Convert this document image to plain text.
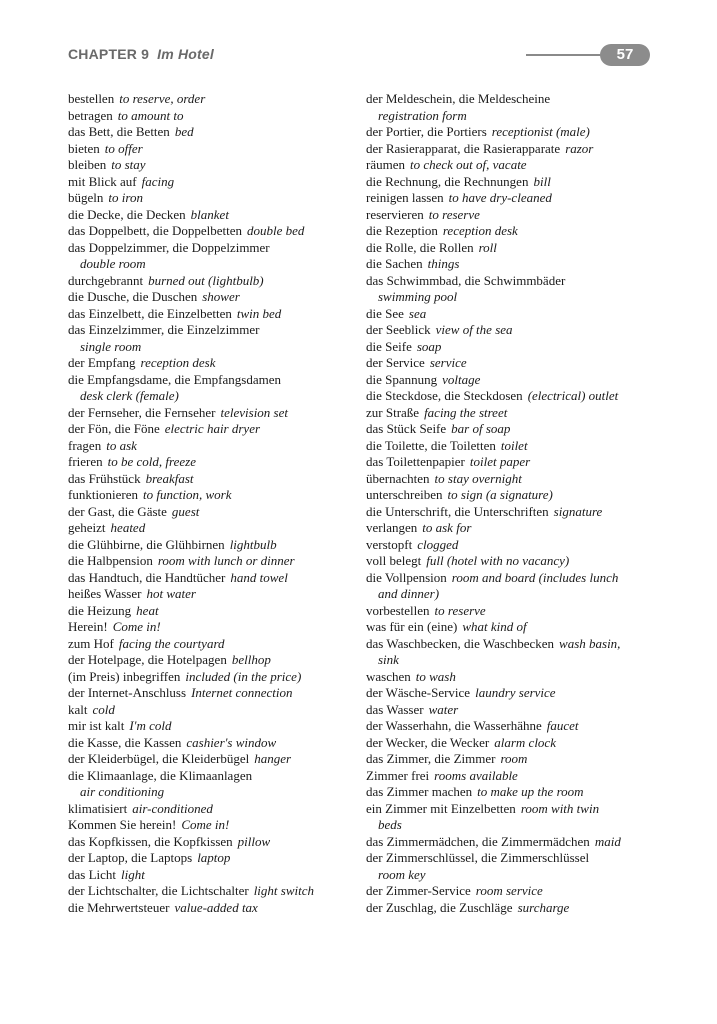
CHAPTER 9 Im Hotel	57
bestellen to reserve, order
betragen to amount to
das Bett, die Betten bed
bieten to offer
bleiben to stay
mit Blick auf facing
bügeln to iron
die Decke, die Decken blanket
das Doppelbett, die Doppelbetten double bed
das Doppelzimmer, die Doppelzimmer
double room
durchgebrannt burned out (lightbulb)
die Dusche, die Duschen shower
das Einzelbett, die Einzelbetten twin bed
das Einzelzimmer, die Einzelzimmer
single room
der Empfang reception desk
die Empfangsdame, die Empfangsdamen
desk clerk (female)
der Fernseher, die Fernseher television set
der Fön, die Föne electric hair dryer
fragen to ask
frieren to be cold, freeze
das Frühstück breakfast
funktionieren to function, work
der Gast, die Gäste guest
geheizt heated
die Glühbirne, die Glühbirnen lightbulb
die Halbpension room with lunch or dinner
das Handtuch, die Handtücher hand towel
heißes Wasser hot water
die Heizung heat
Herein! Come in!
zum Hof facing the courtyard
der Hotelpage, die Hotelpagen bellhop
(im Preis) inbegriffen included (in the price)
der Internet-Anschluss Internet connection
kalt cold
mir ist kalt I'm cold
die Kasse, die Kassen cashier's window
der Kleiderbügel, die Kleiderbügel hanger
die Klimaanlage, die Klimaanlagen
air conditioning
klimatisiert air-conditioned
Kommen Sie herein! Come in!
das Kopfkissen, die Kopfkissen pillow
der Laptop, die Laptops laptop
das Licht light
der Lichtschalter, die Lichtschalter light switch
die Mehrwertsteuer value-added tax
der Meldeschein, die Meldescheine
registration form
der Portier, die Portiers receptionist (male)
der Rasierapparat, die Rasierapparate razor
räumen to check out of, vacate
die Rechnung, die Rechnungen bill
reinigen lassen to have dry-cleaned
reservieren to reserve
die Rezeption reception desk
die Rolle, die Rollen roll
die Sachen things
das Schwimmbad, die Schwimmbäder
swimming pool
die See sea
der Seeblick view of the sea
die Seife soap
der Service service
die Spannung voltage
die Steckdose, die Steckdosen (electrical) outlet
zur Straße facing the street
das Stück Seife bar of soap
die Toilette, die Toiletten toilet
das Toilettenpapier toilet paper
übernachten to stay overnight
unterschreiben to sign (a signature)
die Unterschrift, die Unterschriften signature
verlangen to ask for
verstopft clogged
voll belegt full (hotel with no vacancy)
die Vollpension room and board (includes lunch
and dinner)
vorbestellen to reserve
was für ein (eine) what kind of
das Waschbecken, die Waschbecken wash basin,
sink
waschen to wash
der Wäsche-Service laundry service
das Wasser water
der Wasserhahn, die Wasserhähne faucet
der Wecker, die Wecker alarm clock
das Zimmer, die Zimmer room
Zimmer frei rooms available
das Zimmer machen to make up the room
ein Zimmer mit Einzelbetten room with twin
beds
das Zimmermädchen, die Zimmermädchen maid
der Zimmerschlüssel, die Zimmerschlüssel
room key
der Zimmer-Service room service
der Zuschlag, die Zuschläge surcharge
